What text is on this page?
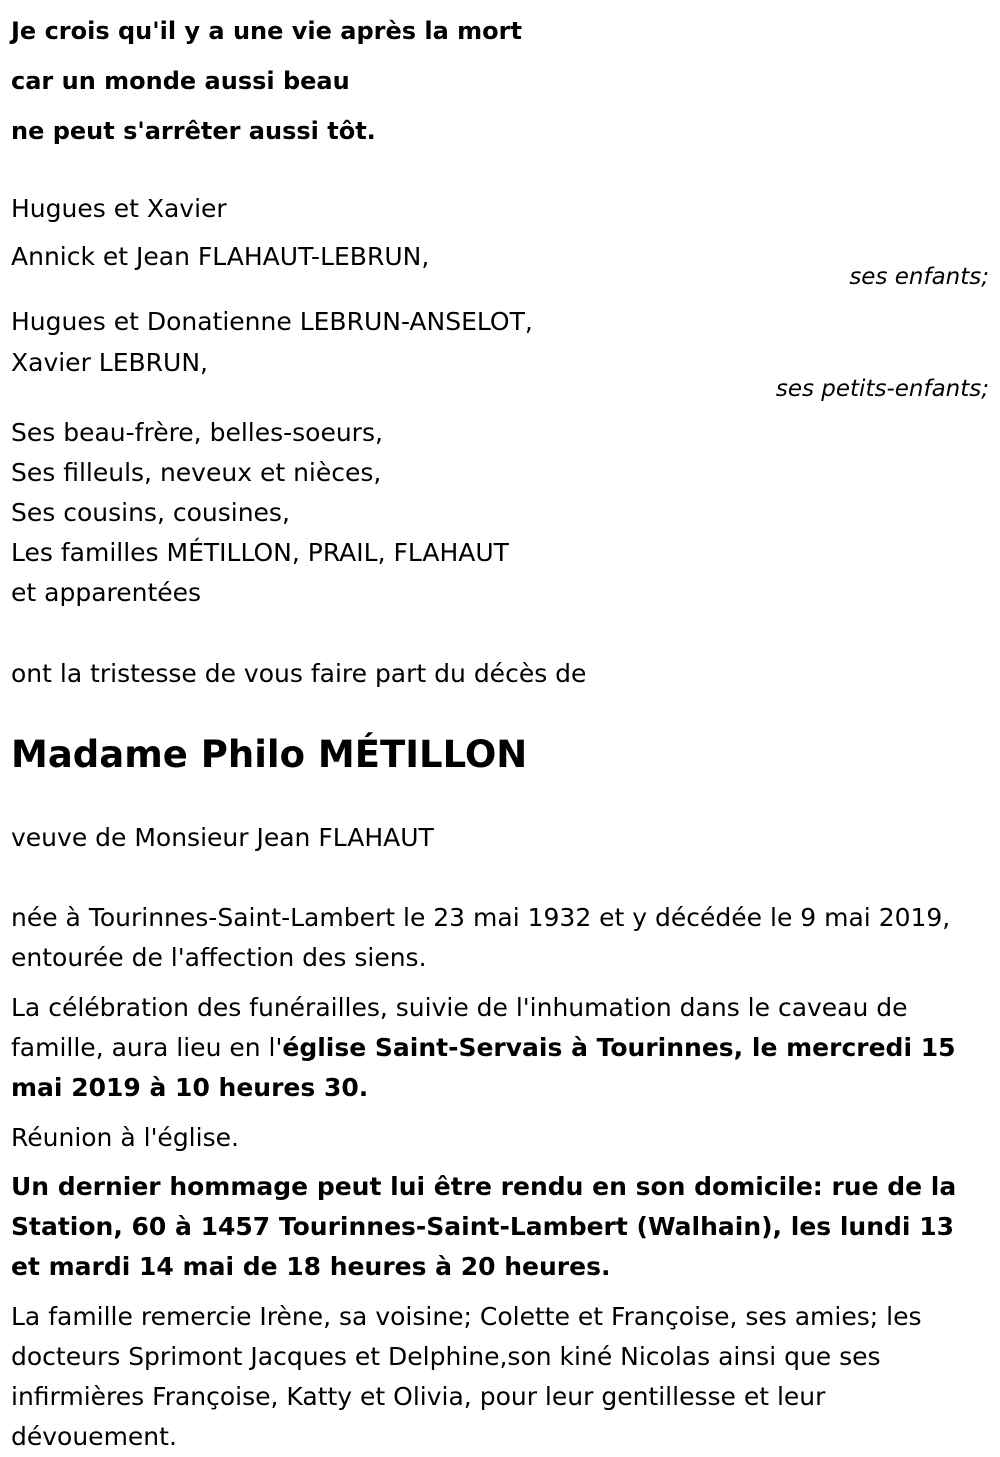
Je crois qu'il y a une vie après la mort
car un monde aussi beau
ne peut s'arrêter aussi tôt.
Hugues et Xavier
Annick et Jean FLAHAUT-LEBRUN,
ses enfants;
Hugues et Donatienne LEBRUN-ANSELOT,
Xavier LEBRUN,
ses petits-enfants;
Ses beau-frère, belles-soeurs,
Ses filleuls, neveux et nièces,
Ses cousins, cousines,
Les familles MÉTILLON, PRAIL, FLAHAUT
et apparentées
ont la tristesse de vous faire part du décès de
Madame Philo MÉTILLON
veuve de Monsieur Jean FLAHAUT

née à Tourinnes-Saint-Lambert le 23 mai 1932 et y décédée le 9 mai 2019, entourée de l'affection des siens.

La célébration des funérailles, suivie de l'inhumation dans le caveau de famille, aura lieu en l'église Saint-Servais à Tourinnes, le mercredi 15 mai 2019 à 10 heures 30.

Réunion à l'église.

Un dernier hommage peut lui être rendu en son domicile: rue de la Station, 60 à 1457 Tourinnes-Saint-Lambert (Walhain), les lundi 13 et mardi 14 mai de 18 heures à 20 heures.

La famille remercie Irène, sa voisine; Colette et Françoise, ses amies; les docteurs Sprimont Jacques et Delphine,son kiné Nicolas ainsi que ses infirmières Françoise, Katty et Olivia, pour leur gentillesse et leur dévouement.
